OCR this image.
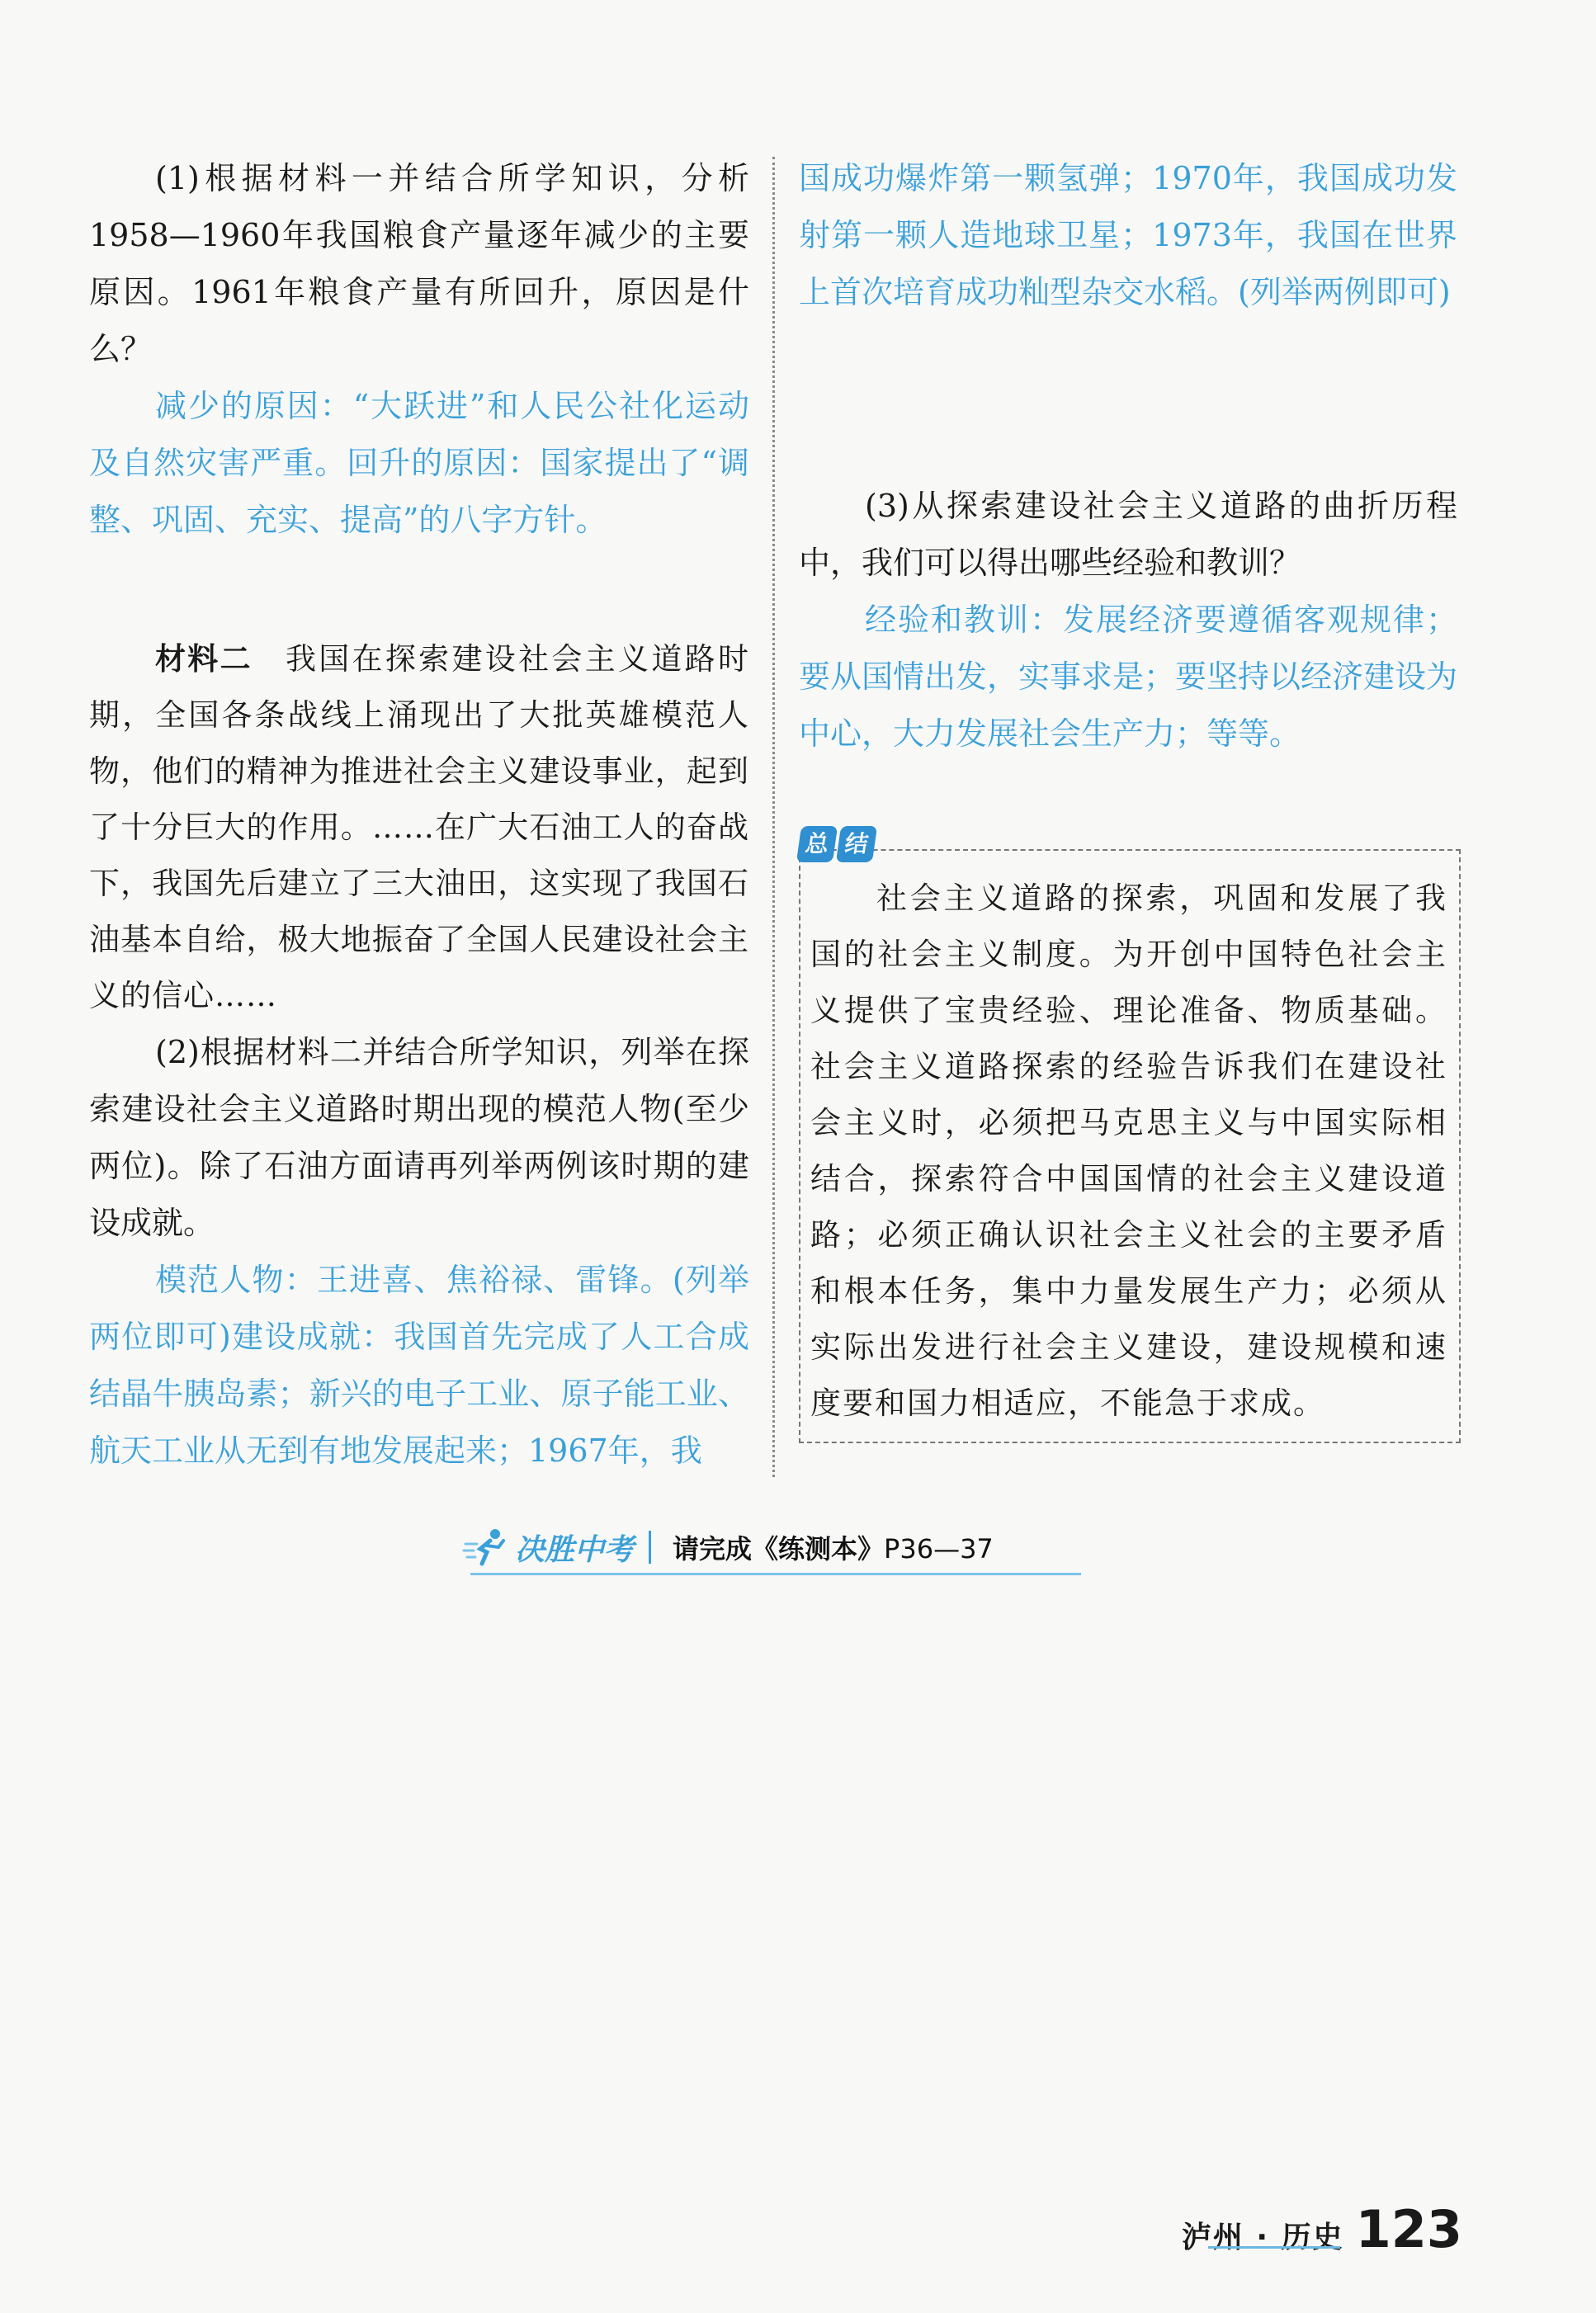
(1)根据材料一并结合所学知识，分析1958—1960年我国粮食产量逐年减少的主要原因。1961年粮食产量有所回升，原因是什么？

减少的原因：“大跃进”和人民公社化运动及自然灾害严重。回升的原因：国家提出了“调整、巩固、充实、提高”的八字方针。

材料二 我国在探索建设社会主义道路时期，全国各条战线上涌现出了大批英雄模范人物，他们的精神为推进社会主义建设事业，起到了十分巨大的作用。……在广大石油工人的奋战下，我国先后建立了三大油田，这实现了我国石油基本自给，极大地振奋了全国人民建设社会主义的信心……

(2)根据材料二并结合所学知识，列举在探索建设社会主义道路时期出现的模范人物(至少两位)。除了石油方面请再列举两例该时期的建设成就。

模范人物：王进喜、焦裕禄、雷锋。(列举两位即可)建设成就：我国首先完成了人工合成结晶牛胰岛素；新兴的电子工业、原子能工业、航天工业从无到有地发展起来；1967年，我

国成功爆炸第一颗氢弹；1970年，我国成功发射第一颗人造地球卫星；1973年，我国在世界上首次培育成功籼型杂交水稻。(列举两例即可)

(3)从探索建设社会主义道路的曲折历程中，我们可以得出哪些经验和教训？

经验和教训：发展经济要遵循客观规律；要从国情出发，实事求是；要坚持以经济建设为中心，大力发展社会生产力；等等。

总 结

社会主义道路的探索，巩固和发展了我国的社会主义制度。为开创中国特色社会主义提供了宝贵经验、理论准备、物质基础。社会主义道路探索的经验告诉我们在建设社会主义时，必须把马克思主义与中国实际相结合，探索符合中国国情的社会主义建设道路；必须正确认识社会主义社会的主要矛盾和根本任务，集中力量发展生产力；必须从实际出发进行社会主义建设，建设规模和速度要和国力相适应，不能急于求成。

决胜中考 请完成《练测本》P36—37
泸州 · 历史 123
